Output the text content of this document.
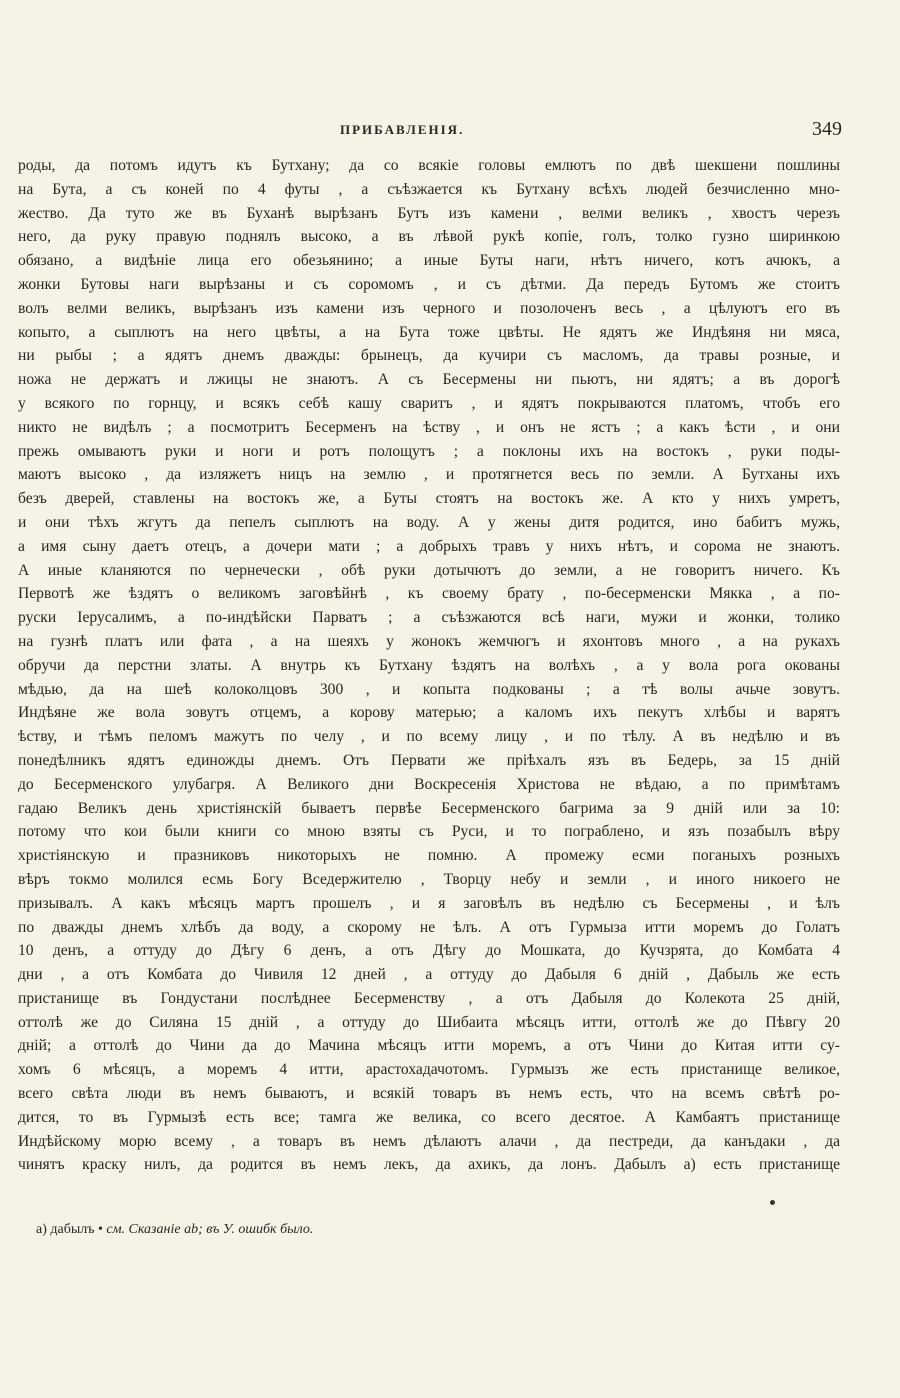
ПРИБАВЛЕНIЯ.	349
роды, да потомъ идутъ къ Бутхану; да со всякіе головы емлютъ по двѣ шекшени пошлины
на Бута, а съ коней по 4 футы , а съѣзжается къ Бутхану всѣхъ людей безчисленно мно-
жество. Да туто же въ Буханѣ вырѣзанъ Бутъ изъ камени , велми великъ , хвостъ черезъ
него, да руку правую поднялъ высоко, а въ лѣвой рукѣ копіе, голъ, толко гузно ширинкою
обязано, а видѣніе лица его обезьянино; а иные Буты наги, нѣтъ ничего, котъ ачюкъ, а
жонки Бутовы наги вырѣзаны и съ соромомъ , и съ дѣтми. Да передъ Бутомъ же стоитъ
волъ велми великъ, вырѣзанъ изъ камени изъ черного и позолоченъ весь , а цѣлуютъ его въ
копыто, а сыплютъ на него цвѣты, а на Бута тоже цвѣты. Не ядятъ же Индѣяня ни мяса,
ни рыбы ; а ядятъ днемъ дважды: брынецъ, да кучири съ масломъ, да травы розные, и
ножа не держатъ и лжицы не знаютъ. А съ Бесермены ни пьютъ, ни ядятъ; а въ дорогѣ
у всякого по горнцу, и всякъ себѣ кашу сваритъ , и ядятъ покрываются платомъ, чтобъ его
никто не видѣлъ ; а посмотритъ Бесерменъ на ѣству , и онъ не ястъ ; а какъ ѣсти , и они
прежь омываютъ руки и ноги и ротъ полощутъ ; а поклоны ихъ на востокъ , руки поды-
маютъ высоко , да изляжетъ ницъ на землю , и протягнется весь по земли. А Бутханы ихъ
безъ дверей, ставлены на востокъ же, а Буты стоятъ на востокъ же. А кто у нихъ умретъ,
и они тѣхъ жгутъ да пепелъ сыплютъ на воду. А у жены дитя родится, ино бабитъ мужь,
а имя сыну даетъ отецъ, а дочери мати ; а добрыхъ травъ у нихъ нѣтъ, и сорома не знаютъ.
А иные кланяются по чернечески , обѣ руки дотычютъ до земли, а не говоритъ ничего. Къ
Первотѣ же ѣздятъ о великомъ заговѣйнѣ , къ своему брату , по-бесерменски Мякка , а по-
руски Іерусалимъ, а по-индѣйски Парватъ ; а съѣзжаются всѣ наги, мужи и жонки, толико
на гузнѣ платъ или фата , а на шеяхъ у жонокъ жемчюгъ и яхонтовъ много , а на рукахъ
обручи да перстни златы. А внутрь къ Бутхану ѣздятъ на волѣхъ , а у вола рога окованы
мѣдью, да на шеѣ колоколцовъ 300 , и копыта подкованы ; а тѣ волы ачьче зовутъ.
Индѣяне же вола зовутъ отцемъ, а корову матерью; а каломъ ихъ пекутъ хлѣбы и варятъ
ѣству, и тѣмъ пеломъ мажутъ по челу , и по всему лицу , и по тѣлу. А въ недѣлю и въ
понедѣлникъ ядятъ единожды днемъ. Отъ Первати же пріѣхалъ язъ въ Бедерь, за 15 днiй
до Бесерменского улубагря. А Великого дни Воскресенія Христова не вѣдаю, а по примѣтамъ
гадаю Великъ день христіянскій бываетъ первѣе Бесерменского багрима за 9 днiй или за 10:
потому что кои были книги со мною взяты съ Руси, и то пограблено, и язъ позабылъ вѣру
христіянскую и празниковъ никоторыхъ не помню. А промежу есми поганыхъ розныхъ
вѣръ токмо молился есмь Богу Вседержителю , Творцу небу и земли , и иного никоего не
призывалъ. А какъ мѣсяцъ мартъ прошелъ , и я заговѣлъ въ недѣлю съ Бесермены , и ѣлъ
по дважды днемъ хлѣбъ да воду, а скорому не ѣлъ. А отъ Гурмыза итти моремъ до Голатъ
10 денъ, а оттуду до Дѣгу 6 денъ, а отъ Дѣгу до Мошката, до Кучзрята, до Комбата 4
дни , а отъ Комбата до Чивиля 12 дней , а оттуду до Дабыля 6 днiй , Дабыль же есть
пристанище въ Гондустани послѣднее Бесерменству , а отъ Дабыля до Колекота 25 днiй,
оттолѣ же до Силяна 15 днiй , а оттуду до Шибаита мѣсяцъ итти, оттолѣ же до Пѣвгу 20
днiй; а оттолѣ до Чини да до Мачина мѣсяцъ итти моремъ, а отъ Чини до Китая итти су-
хомъ 6 мѣсяцъ, а моремъ 4 итти, арастохадачотомъ. Гурмызъ же есть пристанище великое,
всего свѣта люди въ немъ бываютъ, и всякій товаръ въ немъ есть, что на всемъ свѣтѣ ро-
дится, то въ Гурмызѣ есть все; тамга же велика, со всего десятое. А Камбаятъ пристанище
Индѣйскому морю всему , а товаръ въ немъ дѣлаютъ алачи , да пестреди, да канъдаки , да
чинятъ краску нилъ, да родится въ немъ лекъ, да ахикъ, да лонъ. Дабылъ а) есть пристанище
а) дабылъ • см. Сказаніе ab; въ У. ошибк было.
